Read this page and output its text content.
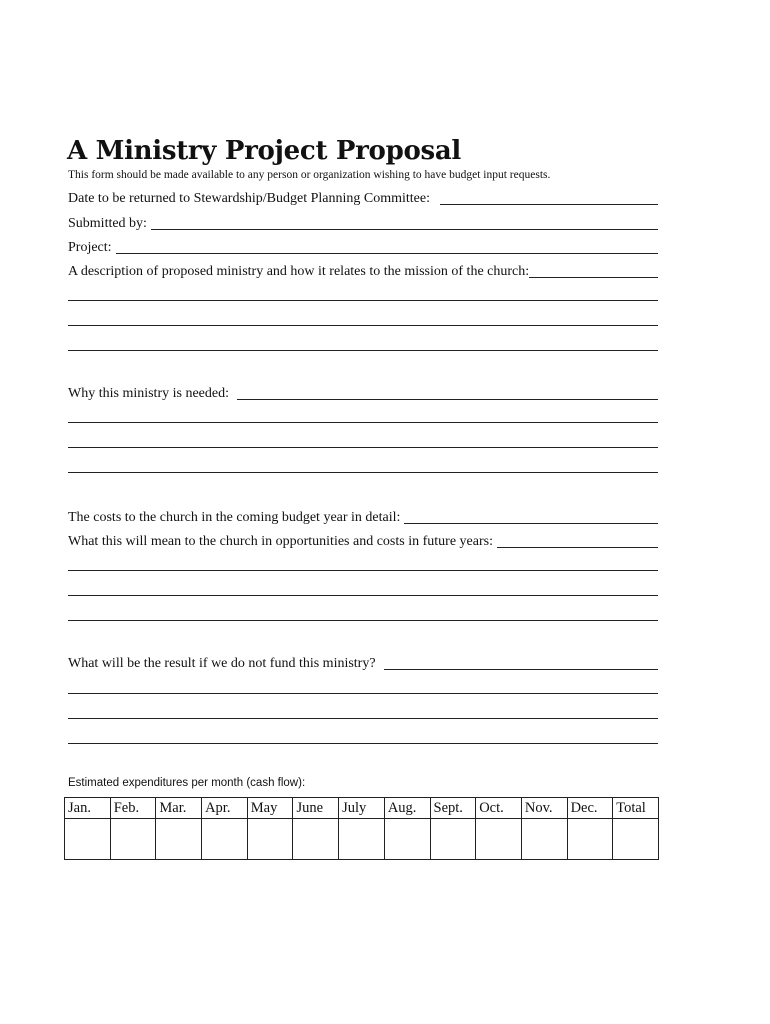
A Ministry Project Proposal
This form should be made available to any person or organization wishing to have budget input requests.
Date to be returned to Stewardship/Budget Planning Committee:
Submitted by:
Project:
A description of proposed ministry and how it relates to the mission of the church:
Why this ministry is needed:
The costs to the church in the coming budget year in detail:
What this will mean to the church in opportunities and costs in future years:
What will be the result if we do not fund this ministry?
Estimated expenditures per month (cash flow):
Jan.	Feb.	Mar.	Apr.	May	June	July	Aug.	Sept.	Oct.	Nov.	Dec.	Total
